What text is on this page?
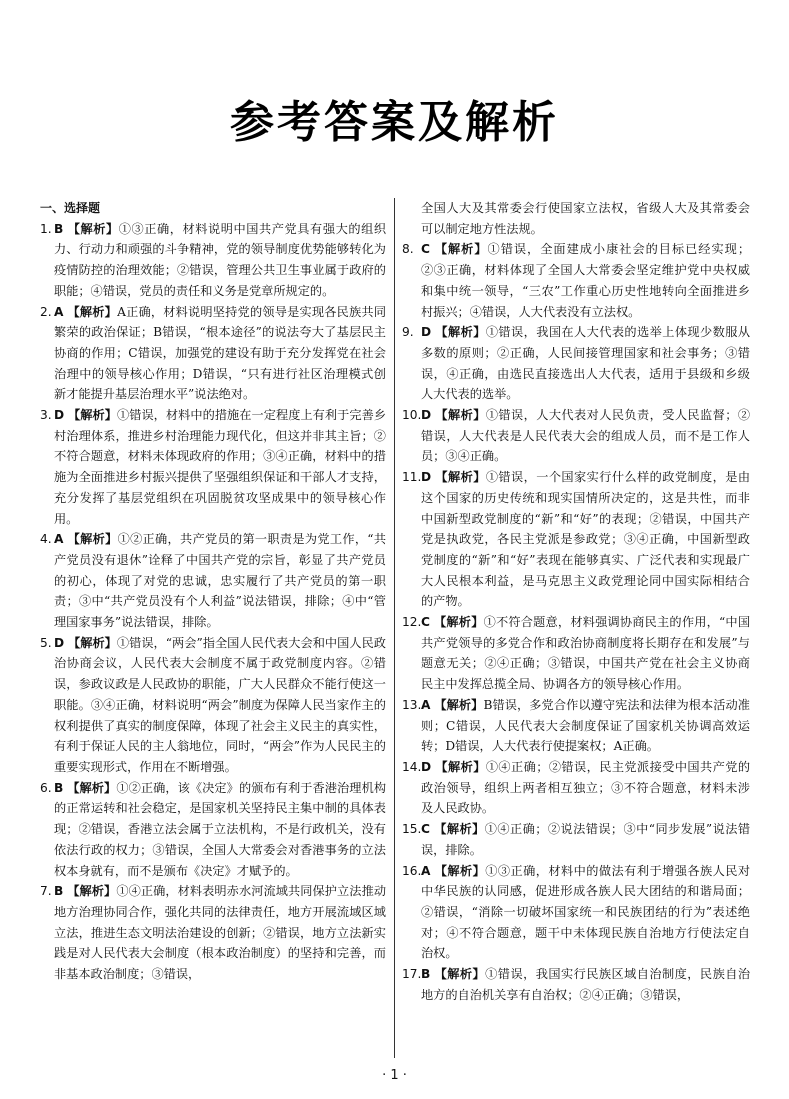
参考答案及解析

一、选择题

1. B 【解析】①③正确，材料说明中国共产党具有强大的组织力、行动力和顽强的斗争精神，党的领导制度优势能够转化为疫情防控的治理效能；②错误，管理公共卫生事业属于政府的职能；④错误，党员的责任和义务是党章所规定的。

2. A 【解析】A正确，材料说明坚持党的领导是实现各民族共同繁荣的政治保证；B错误，“根本途径”的说法夸大了基层民主协商的作用；C错误，加强党的建设有助于充分发挥党在社会治理中的领导核心作用；D错误，“只有进行社区治理模式创新才能提升基层治理水平”说法绝对。

3. D 【解析】①错误，材料中的措施在一定程度上有利于完善乡村治理体系，推进乡村治理能力现代化，但这并非其主旨；②不符合题意，材料未体现政府的作用；③④正确，材料中的措施为全面推进乡村振兴提供了坚强组织保证和干部人才支持，充分发挥了基层党组织在巩固脱贫攻坚成果中的领导核心作用。

4. A 【解析】①②正确，共产党员的第一职责是为党工作，“共产党员没有退休”诠释了中国共产党的宗旨，彰显了共产党员的初心，体现了对党的忠诚，忠实履行了共产党员的第一职责；③中“共产党员没有个人利益”说法错误，排除；④中“管理国家事务”说法错误，排除。

5. D 【解析】①错误，“两会”指全国人民代表大会和中国人民政治协商会议，人民代表大会制度不属于政党制度内容。②错误，参政议政是人民政协的职能，广大人民群众不能行使这一职能。③④正确，材料说明“两会”制度为保障人民当家作主的权利提供了真实的制度保障，体现了社会主义民主的真实性，有利于保证人民的主人翁地位，同时，“两会”作为人民民主的重要实现形式，作用在不断增强。

6. B 【解析】①②正确，该《决定》的颁布有利于香港治理机构的正常运转和社会稳定，是国家机关坚持民主集中制的具体表现；②错误，香港立法会属于立法机构，不是行政机关，没有依法行政的权力；③错误，全国人大常委会对香港事务的立法权本身就有，而不是颁布《决定》才赋予的。

7. B 【解析】①④正确，材料表明赤水河流域共同保护立法推动地方治理协同合作，强化共同的法律责任，地方开展流域区域立法，推进生态文明法治建设的创新；②错误，地方立法新实践是对人民代表大会制度（根本政治制度）的坚持和完善，而非基本政治制度；③错误，

全国人大及其常委会行使国家立法权，省级人大及其常委会可以制定地方性法规。

8. C 【解析】①错误，全面建成小康社会的目标已经实现；②③正确，材料体现了全国人大常委会坚定维护党中央权威和集中统一领导，“三农”工作重心历史性地转向全面推进乡村振兴；④错误，人大代表没有立法权。

9. D 【解析】①错误，我国在人大代表的选举上体现少数服从多数的原则；②正确，人民间接管理国家和社会事务；③错误，④正确，由选民直接选出人大代表，适用于县级和乡级人大代表的选举。

10. D 【解析】①错误，人大代表对人民负责，受人民监督；②错误，人大代表是人民代表大会的组成人员，而不是工作人员；③④正确。

11. D 【解析】①错误，一个国家实行什么样的政党制度，是由这个国家的历史传统和现实国情所决定的，这是共性，而非中国新型政党制度的“新”和“好”的表现；②错误，中国共产党是执政党，各民主党派是参政党；③④正确，中国新型政党制度的“新”和“好”表现在能够真实、广泛代表和实现最广大人民根本利益，是马克思主义政党理论同中国实际相结合的产物。

12. C 【解析】①不符合题意，材料强调协商民主的作用，“中国共产党领导的多党合作和政治协商制度将长期存在和发展”与题意无关；②④正确；③错误，中国共产党在社会主义协商民主中发挥总揽全局、协调各方的领导核心作用。

13. A 【解析】B错误，多党合作以遵守宪法和法律为根本活动准则；C错误，人民代表大会制度保证了国家机关协调高效运转；D错误，人大代表行使提案权；A正确。

14. D 【解析】①④正确；②错误，民主党派接受中国共产党的政治领导，组织上两者相互独立；③不符合题意，材料未涉及人民政协。

15. C 【解析】①④正确；②说法错误；③中“同步发展”说法错误，排除。

16. A 【解析】①③正确，材料中的做法有利于增强各族人民对中华民族的认同感，促进形成各族人民大团结的和谐局面；②错误，“消除一切破坏国家统一和民族团结的行为”表述绝对；④不符合题意，题干中未体现民族自治地方行使法定自治权。

17. B 【解析】①错误，我国实行民族区域自治制度，民族自治地方的自治机关享有自治权；②④正确；③错误，

· 1 ·
